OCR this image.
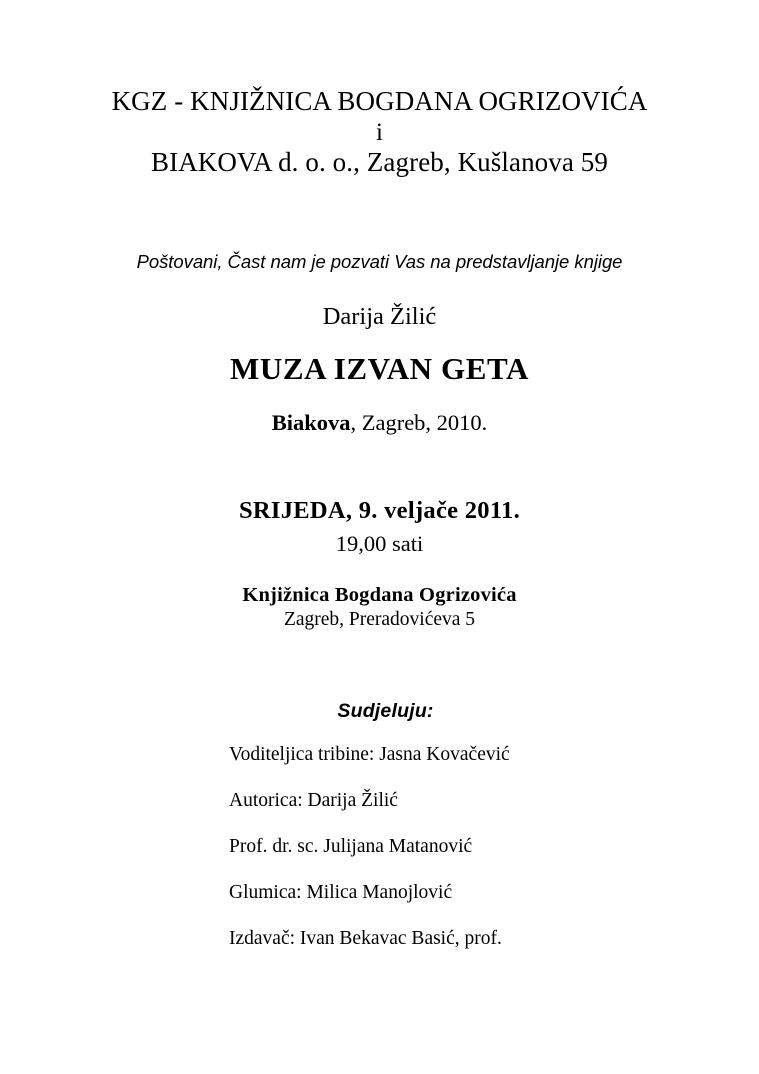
KGZ - KNJIŽNICA BOGDANA OGRIZOVIĆA
i
BIAKOVA d. o. o., Zagreb, Kušlanova 59
Poštovani, Čast nam je pozvati Vas na predstavljanje knjige
Darija Žilić
MUZA IZVAN GETA
Biakova, Zagreb, 2010.
SRIJEDA, 9. veljače 2011.
19,00 sati
Knjižnica Bogdana Ogrizovića
Zagreb, Preradovićeva 5
Sudjeluju:
Voditeljica tribine: Jasna Kovačević
Autorica: Darija Žilić
Prof. dr. sc. Julijana Matanović
Glumica: Milica Manojlović
Izdavač: Ivan Bekavac Basić, prof.
